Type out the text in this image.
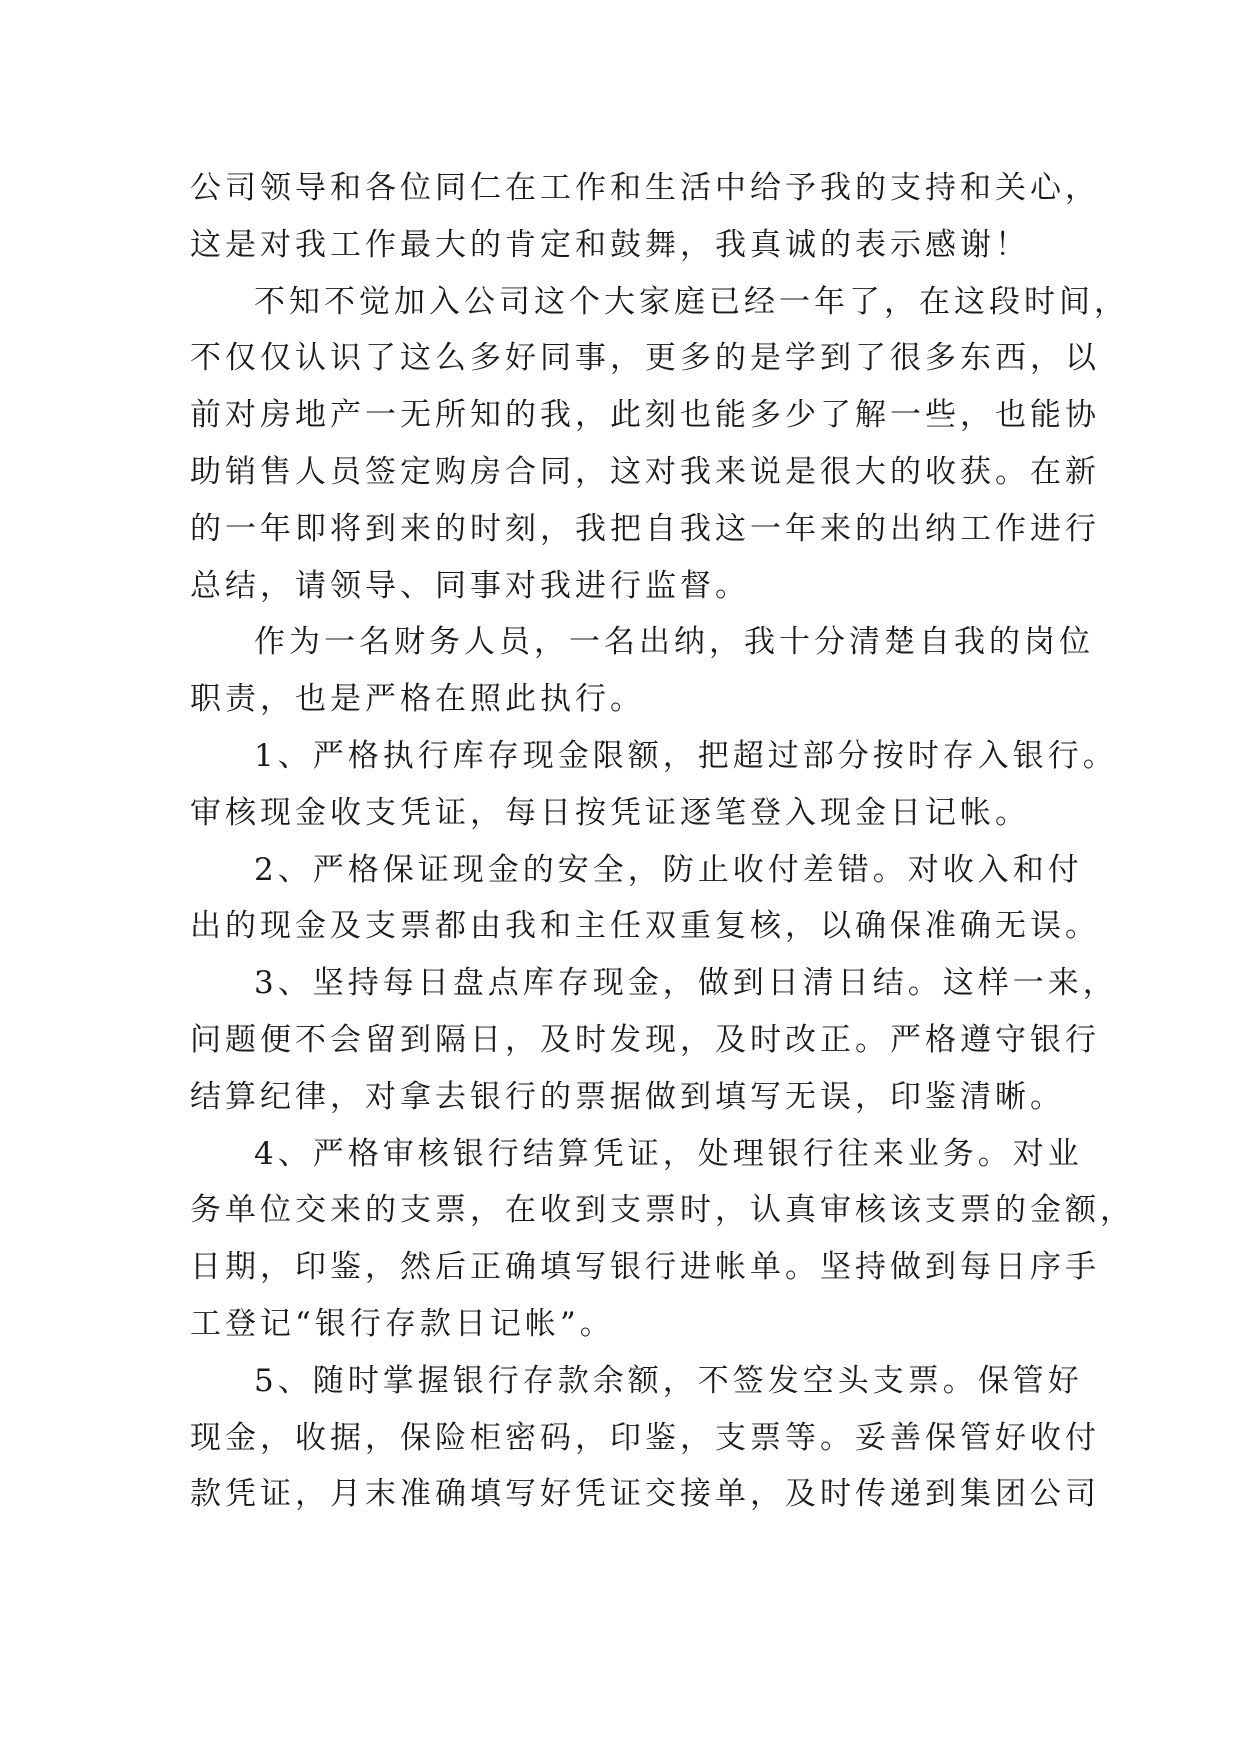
公司领导和各位同仁在工作和生活中给予我的支持和关心，
这是对我工作最大的肯定和鼓舞，我真诚的表示感谢！
不知不觉加入公司这个大家庭已经一年了，在这段时间，
不仅仅认识了这么多好同事，更多的是学到了很多东西，以
前对房地产一无所知的我，此刻也能多少了解一些，也能协
助销售人员签定购房合同，这对我来说是很大的收获。在新
的一年即将到来的时刻，我把自我这一年来的出纳工作进行
总结，请领导、同事对我进行监督。
作为一名财务人员，一名出纳，我十分清楚自我的岗位
职责，也是严格在照此执行。
1、严格执行库存现金限额，把超过部分按时存入银行。
审核现金收支凭证，每日按凭证逐笔登入现金日记帐。
2、严格保证现金的安全，防止收付差错。对收入和付
出的现金及支票都由我和主任双重复核，以确保准确无误。
3、坚持每日盘点库存现金，做到日清日结。这样一来，
问题便不会留到隔日，及时发现，及时改正。严格遵守银行
结算纪律，对拿去银行的票据做到填写无误，印鉴清晰。
4、严格审核银行结算凭证，处理银行往来业务。对业
务单位交来的支票，在收到支票时，认真审核该支票的金额，
日期，印鉴，然后正确填写银行进帐单。坚持做到每日序手
工登记“银行存款日记帐”。
5、随时掌握银行存款余额，不签发空头支票。保管好
现金，收据，保险柜密码，印鉴，支票等。妥善保管好收付
款凭证，月末准确填写好凭证交接单，及时传递到集团公司
